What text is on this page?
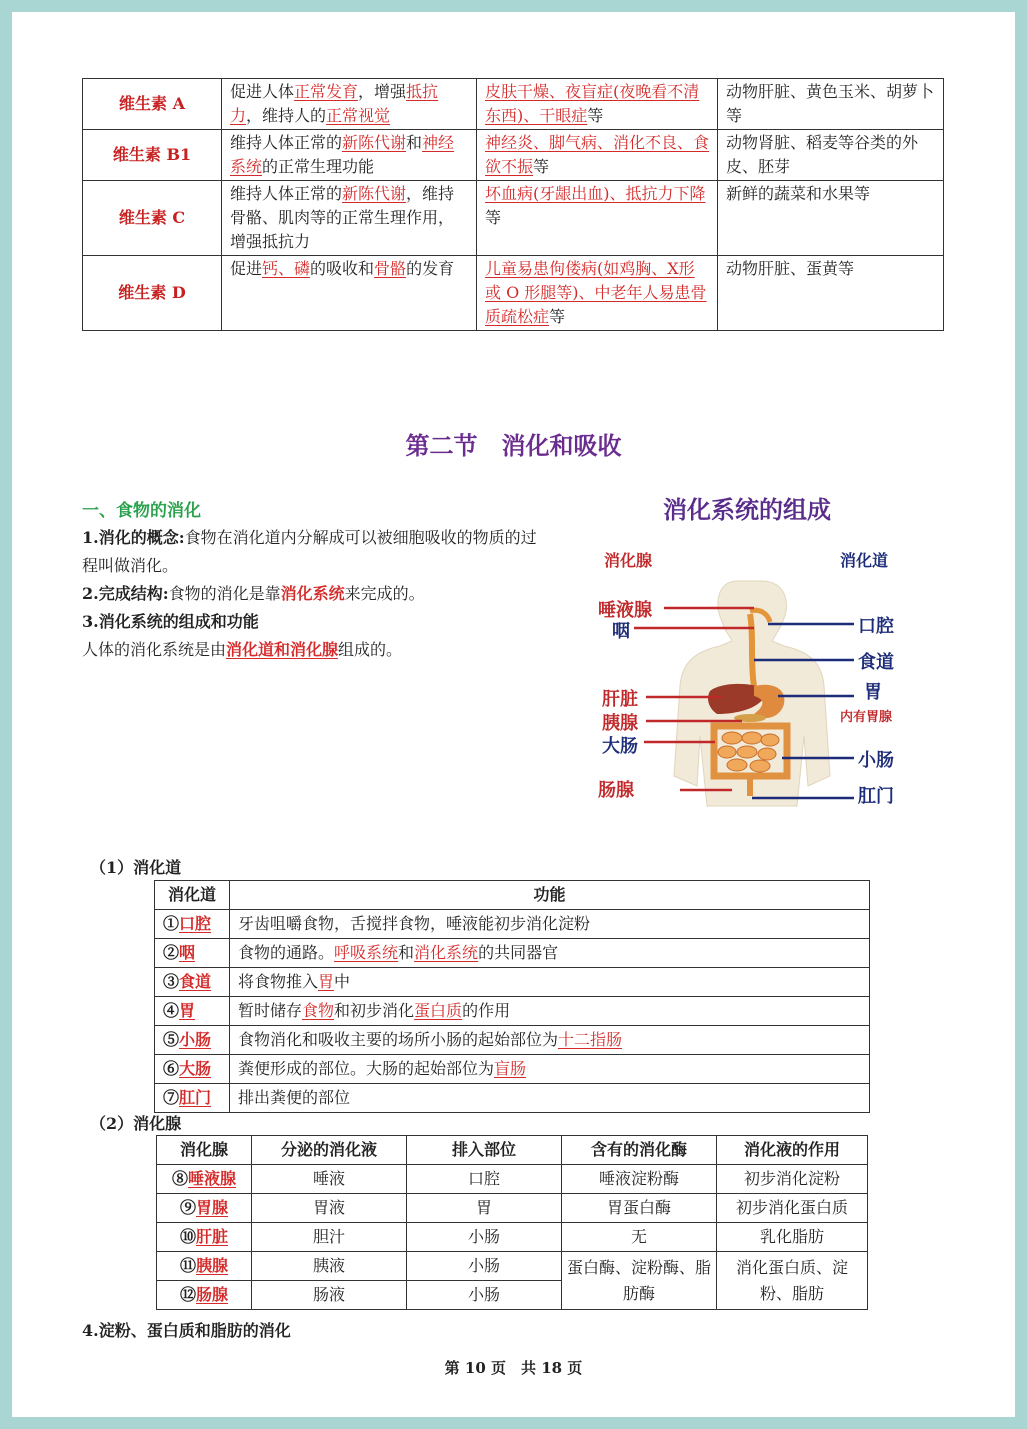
维生素 A	促进人体正常发育，增强抵抗力，维持人的正常视觉	皮肤干燥、夜盲症(夜晚看不清东西)、干眼症等	动物肝脏、黄色玉米、胡萝卜等
维生素 B1	维持人体正常的新陈代谢和神经系统的正常生理功能	神经炎、脚气病、消化不良、食欲不振等	动物肾脏、稻麦等谷类的外皮、胚芽
维生素 C	维持人体正常的新陈代谢，维持骨骼、肌肉等的正常生理作用，增强抵抗力	坏血病(牙龈出血)、抵抗力下降等	新鲜的蔬菜和水果等
维生素 D	促进钙、磷的吸收和骨骼的发育	儿童易患佝偻病(如鸡胸、X形或 O 形腿等)、中老年人易患骨质疏松症等	动物肝脏、蛋黄等
第二节　消化和吸收
一、食物的消化
1.消化的概念:食物在消化道内分解成可以被细胞吸收的物质的过程叫做消化。
2.完成结构:食物的消化是靠消化系统来完成的。
3.消化系统的组成和功能
人体的消化系统是由消化道和消化腺组成的。
消化系统的组成
消化腺	消化道
唾液腺
咽
肝脏
胰腺
大肠
肠腺
口腔
食道
胃
内有胃腺
小肠
肛门
（1）消化道
消化道	功能
①口腔	牙齿咀嚼食物，舌搅拌食物，唾液能初步消化淀粉
②咽	食物的通路。呼吸系统和消化系统的共同器官
③食道	将食物推入胃中
④胃	暂时储存食物和初步消化蛋白质的作用
⑤小肠	食物消化和吸收主要的场所小肠的起始部位为十二指肠
⑥大肠	粪便形成的部位。大肠的起始部位为盲肠
⑦肛门	排出粪便的部位
（2）消化腺
消化腺	分泌的消化液	排入部位	含有的消化酶	消化液的作用
⑧唾液腺	唾液	口腔	唾液淀粉酶	初步消化淀粉
⑨胃腺	胃液	胃	胃蛋白酶	初步消化蛋白质
⑩肝脏	胆汁	小肠	无	乳化脂肪
⑪胰腺	胰液	小肠	蛋白酶、淀粉酶、脂肪酶	消化蛋白质、淀粉、脂肪
⑫肠腺	肠液	小肠		
4.淀粉、蛋白质和脂肪的消化
第 10 页　共 18 页
